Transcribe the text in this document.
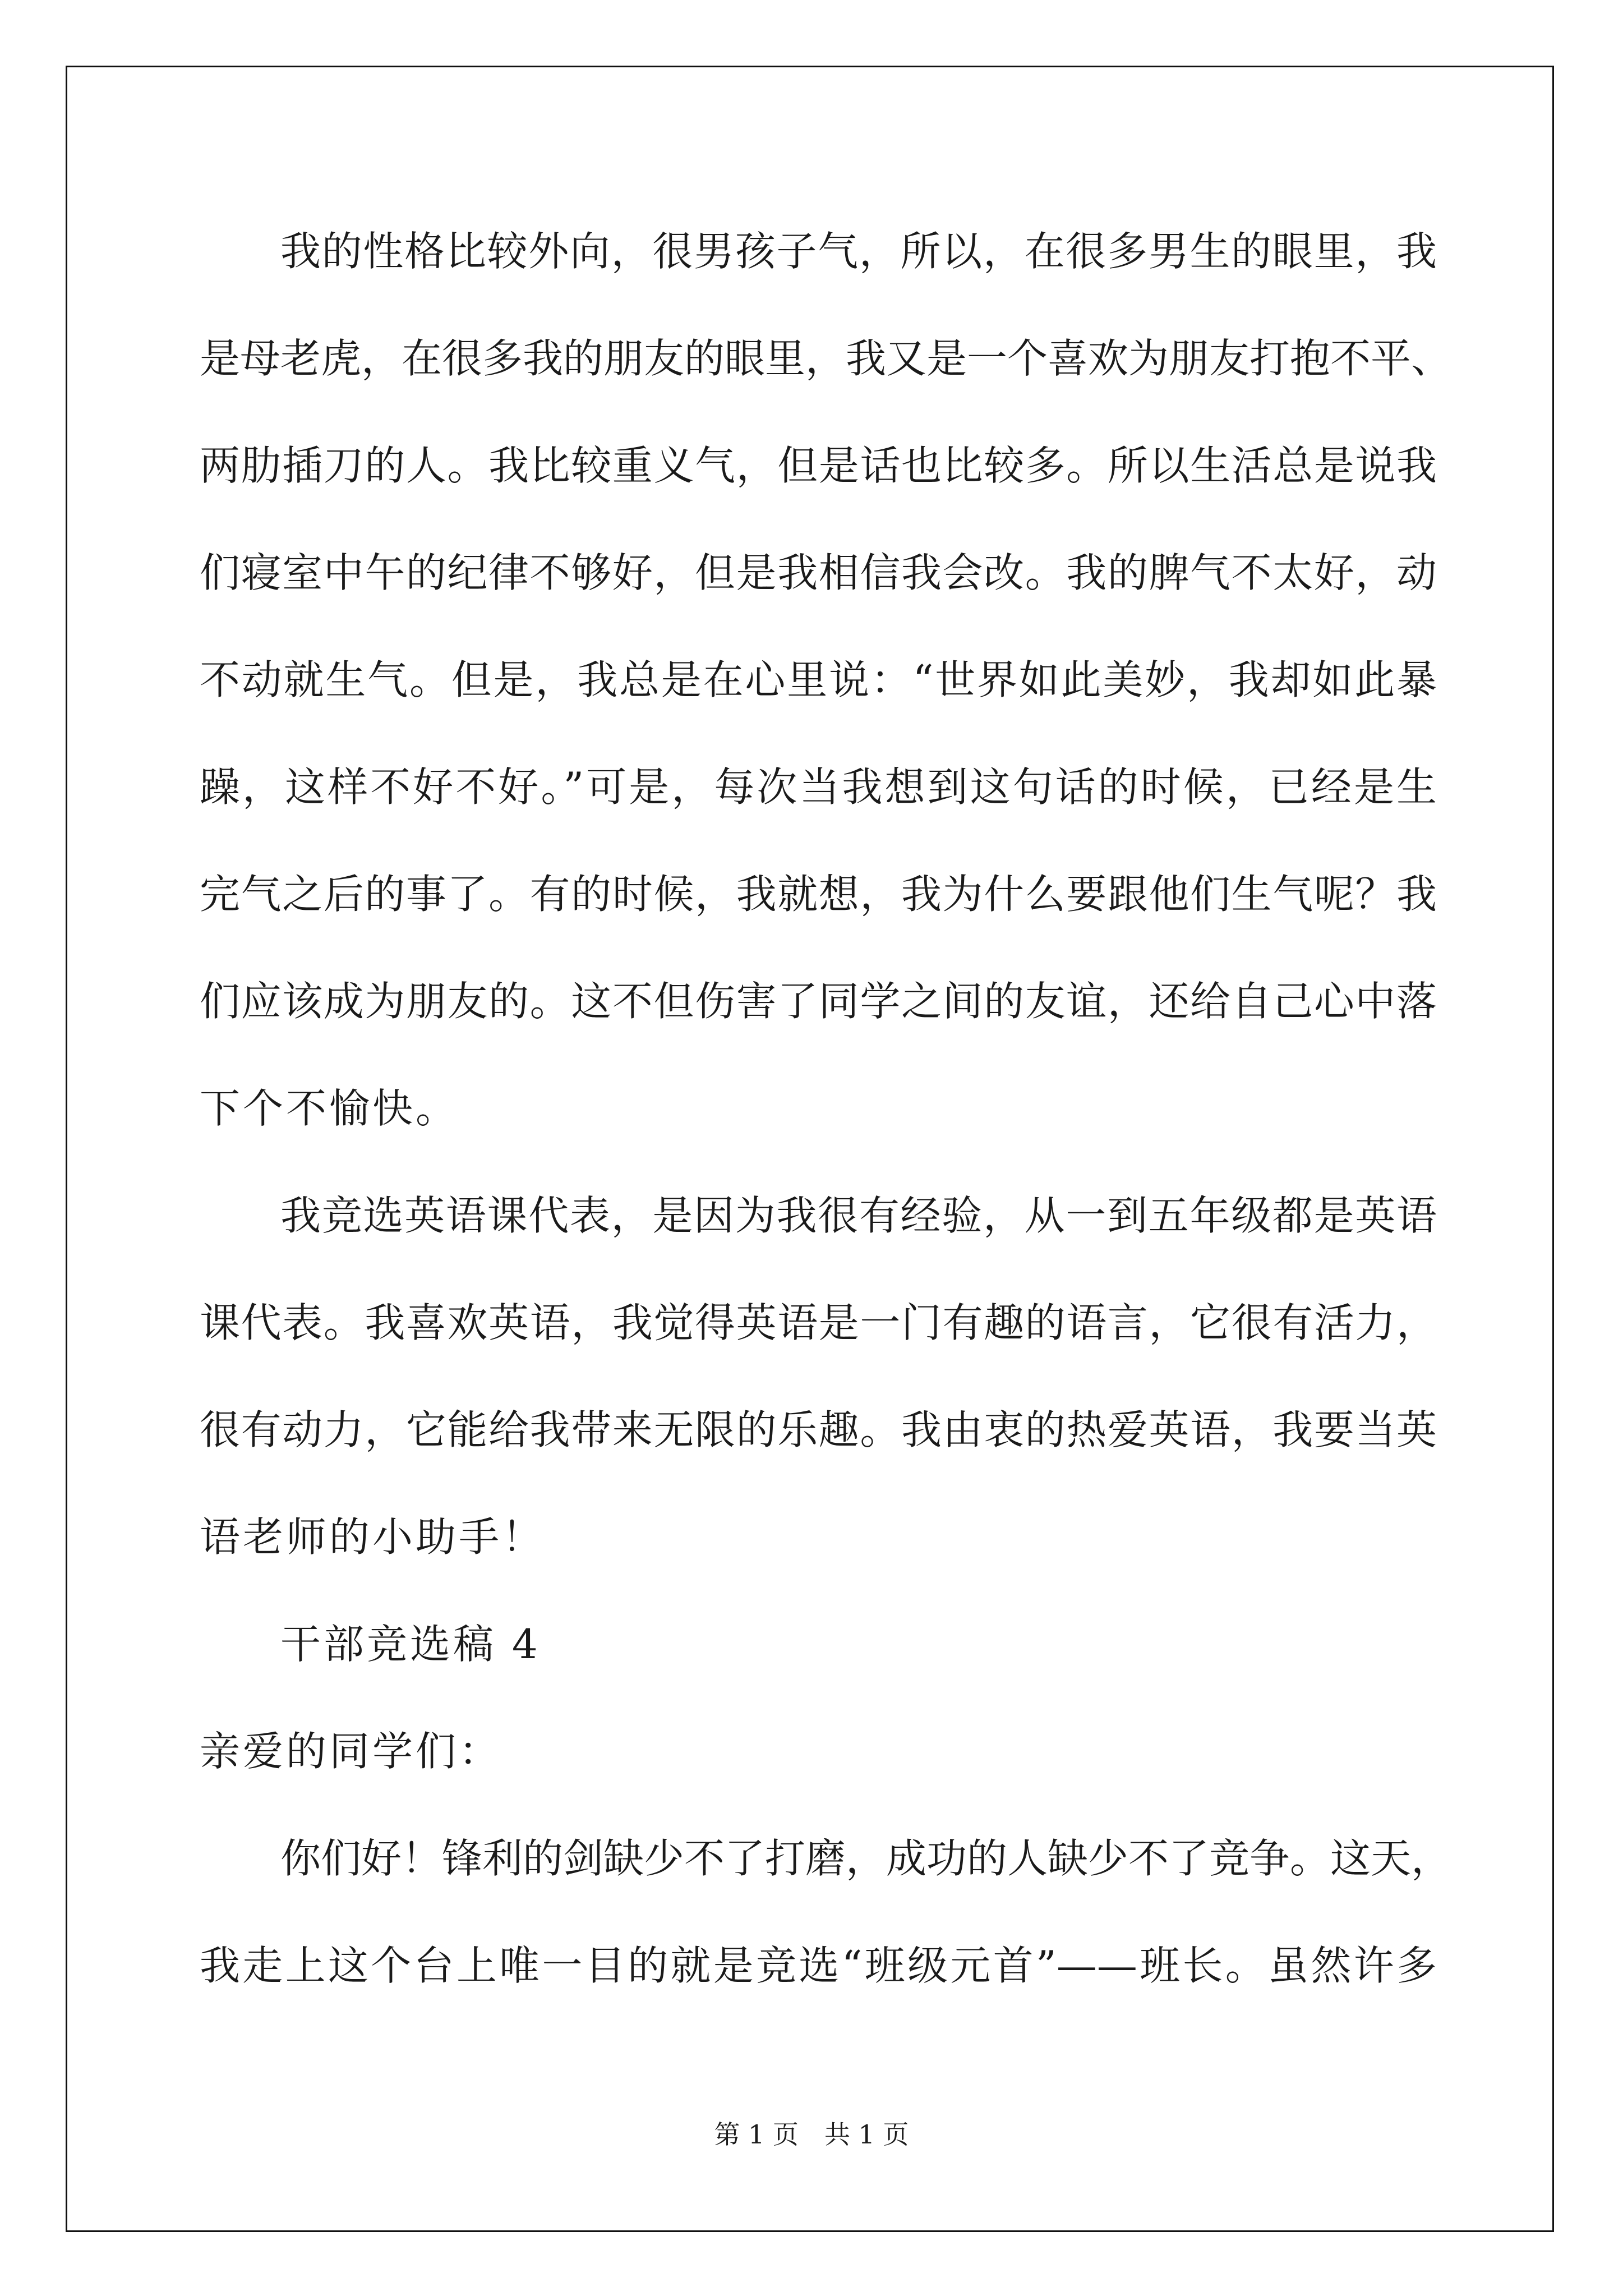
我的性格比较外向，很男孩子气，所以，在很多男生的眼里，我
是母老虎，在很多我的朋友的眼里，我又是一个喜欢为朋友打抱不平、
两肋插刀的人。我比较重义气，但是话也比较多。所以生活总是说我
们寝室中午的纪律不够好，但是我相信我会改。我的脾气不太好，动
不动就生气。但是，我总是在心里说：“世界如此美妙，我却如此暴
躁，这样不好不好。”可是，每次当我想到这句话的时候，已经是生
完气之后的事了。有的时候，我就想，我为什么要跟他们生气呢？我
们应该成为朋友的。这不但伤害了同学之间的友谊，还给自己心中落
下个不愉快。
我竞选英语课代表，是因为我很有经验，从一到五年级都是英语
课代表。我喜欢英语，我觉得英语是一门有趣的语言，它很有活力，
很有动力，它能给我带来无限的乐趣。我由衷的热爱英语，我要当英
语老师的小助手！
干部竞选稿 4
亲爱的同学们：
你们好！锋利的剑缺少不了打磨，成功的人缺少不了竞争。这天，
我走上这个台上唯一目的就是竞选“班级元首”——班长。虽然许多
第 1 页　共 1 页
